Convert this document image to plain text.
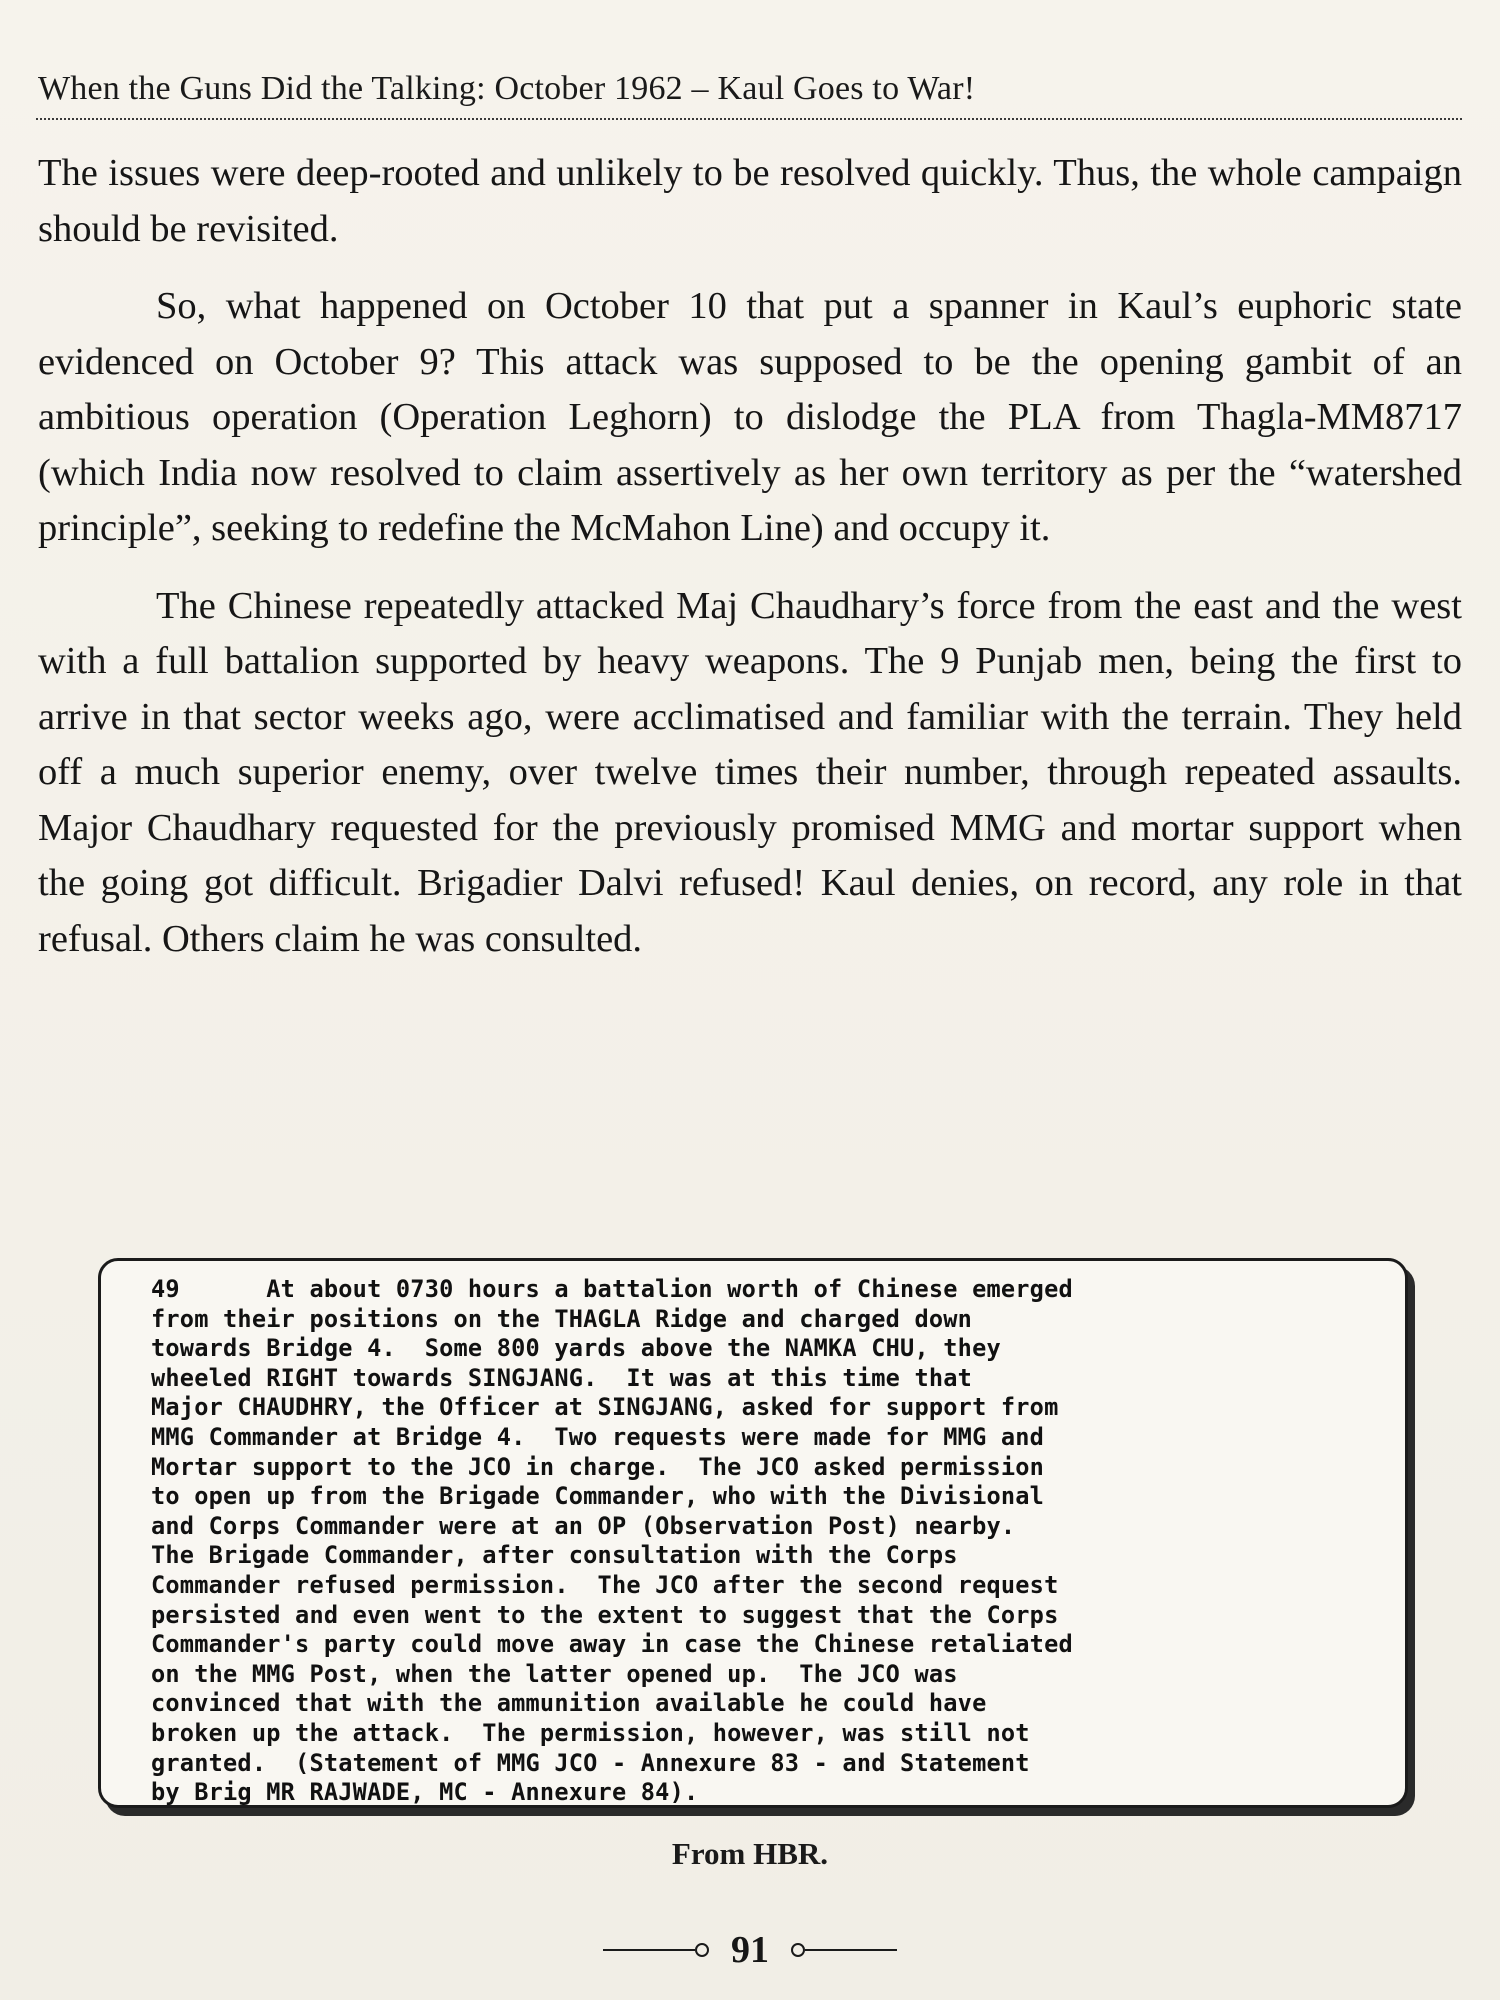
When the Guns Did the Talking: October 1962 – Kaul Goes to War!

The issues were deep-rooted and unlikely to be resolved quickly. Thus, the whole campaign should be revisited.

So, what happened on October 10 that put a spanner in Kaul’s euphoric state evidenced on October 9? This attack was supposed to be the opening gambit of an ambitious operation (Operation Leghorn) to dislodge the PLA from Thagla-MM8717 (which India now resolved to claim assertively as her own territory as per the “watershed principle”, seeking to redefine the McMahon Line) and occupy it.

The Chinese repeatedly attacked Maj Chaudhary’s force from the east and the west with a full battalion supported by heavy weapons. The 9 Punjab men, being the first to arrive in that sector weeks ago, were acclimatised and familiar with the terrain. They held off a much superior enemy, over twelve times their number, through repeated assaults. Major Chaudhary requested for the previously promised MMG and mortar support when the going got difficult. Brigadier Dalvi refused! Kaul denies, on record, any role in that refusal. Others claim he was consulted.

49      At about 0730 hours a battalion worth of Chinese emerged
from their positions on the THAGLA Ridge and charged down
towards Bridge 4.  Some 800 yards above the NAMKA CHU, they
wheeled RIGHT towards SINGJANG.  It was at this time that
Major CHAUDHRY, the Officer at SINGJANG, asked for support from
MMG Commander at Bridge 4.  Two requests were made for MMG and
Mortar support to the JCO in charge.  The JCO asked permission
to open up from the Brigade Commander, who with the Divisional
and Corps Commander were at an OP (Observation Post) nearby.
The Brigade Commander, after consultation with the Corps
Commander refused permission.  The JCO after the second request
persisted and even went to the extent to suggest that the Corps
Commander's party could move away in case the Chinese retaliated
on the MMG Post, when the latter opened up.  The JCO was
convinced that with the ammunition available he could have
broken up the attack.  The permission, however, was still not
granted.  (Statement of MMG JCO - Annexure 83 - and Statement
by Brig MR RAJWADE, MC - Annexure 84).
From HBR.
91
